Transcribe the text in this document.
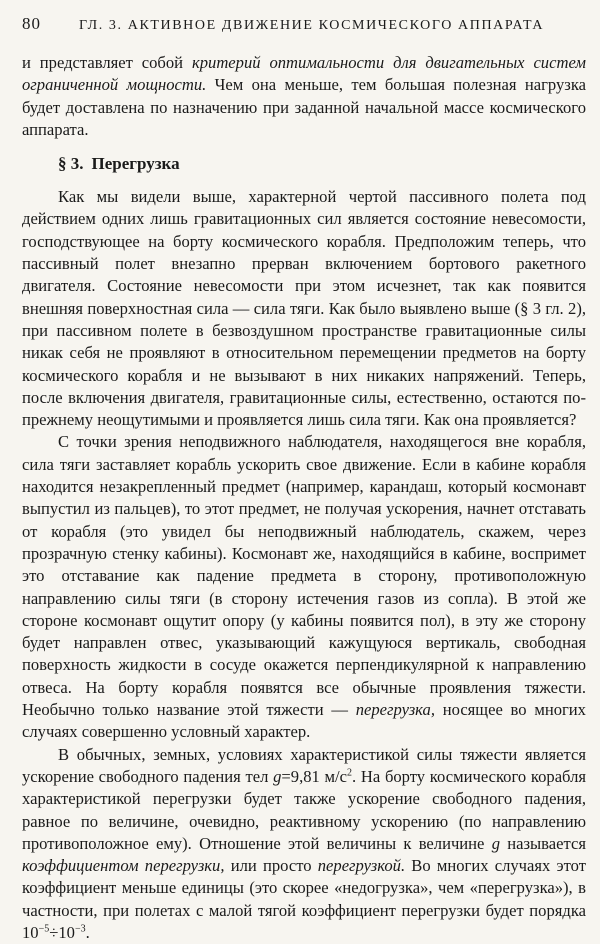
80	ГЛ. 3. АКТИВНОЕ ДВИЖЕНИЕ КОСМИЧЕСКОГО АППАРАТА

и представляет собой критерий оптимальности для двигательных систем ограниченной мощности. Чем она меньше, тем большая полезная нагрузка будет доставлена по назначению при заданной начальной массе космического аппарата.

§ 3. Перегрузка

Как мы видели выше, характерной чертой пассивного полета под действием одних лишь гравитационных сил является состояние невесомости, господствующее на борту космического корабля. Предположим теперь, что пассивный полет внезапно прерван включением бортового ракетного двигателя. Состояние невесомости при этом исчезнет, так как появится внешняя поверхностная сила — сила тяги. Как было выявлено выше (§ 3 гл. 2), при пассивном полете в безвоздушном пространстве гравитационные силы никак себя не проявляют в относительном перемещении предметов на борту космического корабля и не вызывают в них никаких напряжений. Теперь, после включения двигателя, гравитационные силы, естественно, остаются по-прежнему неощутимыми и проявляется лишь сила тяги. Как она проявляется?

С точки зрения неподвижного наблюдателя, находящегося вне корабля, сила тяги заставляет корабль ускорить свое движение. Если в кабине корабля находится незакрепленный предмет (например, карандаш, который космонавт выпустил из пальцев), то этот предмет, не получая ускорения, начнет отставать от корабля (это увидел бы неподвижный наблюдатель, скажем, через прозрачную стенку кабины). Космонавт же, находящийся в кабине, воспримет это отставание как падение предмета в сторону, противоположную направлению силы тяги (в сторону истечения газов из сопла). В этой же стороне космонавт ощутит опору (у кабины появится пол), в эту же сторону будет направлен отвес, указывающий кажущуюся вертикаль, свободная поверхность жидкости в сосуде окажется перпендикулярной к направлению отвеса. На борту корабля появятся все обычные проявления тяжести. Необычно только название этой тяжести — перегрузка, носящее во многих случаях совершенно условный характер.

В обычных, земных, условиях характеристикой силы тяжести является ускорение свободного падения тел g=9,81 $м/с^2$. На борту космического корабля характеристикой перегрузки будет также ускорение свободного падения, равное по величине, очевидно, реактивному ускорению (по направлению противоположное ему). Отношение этой величины к величине g называется коэффициентом перегрузки, или просто перегрузкой. Во многих случаях этот коэффициент меньше единицы (это скорее «недогрузка», чем «перегрузка»), в частности, при полетах с малой тягой коэффициент перегрузки будет порядка $10^{-5}\div 10^{-3}$.
